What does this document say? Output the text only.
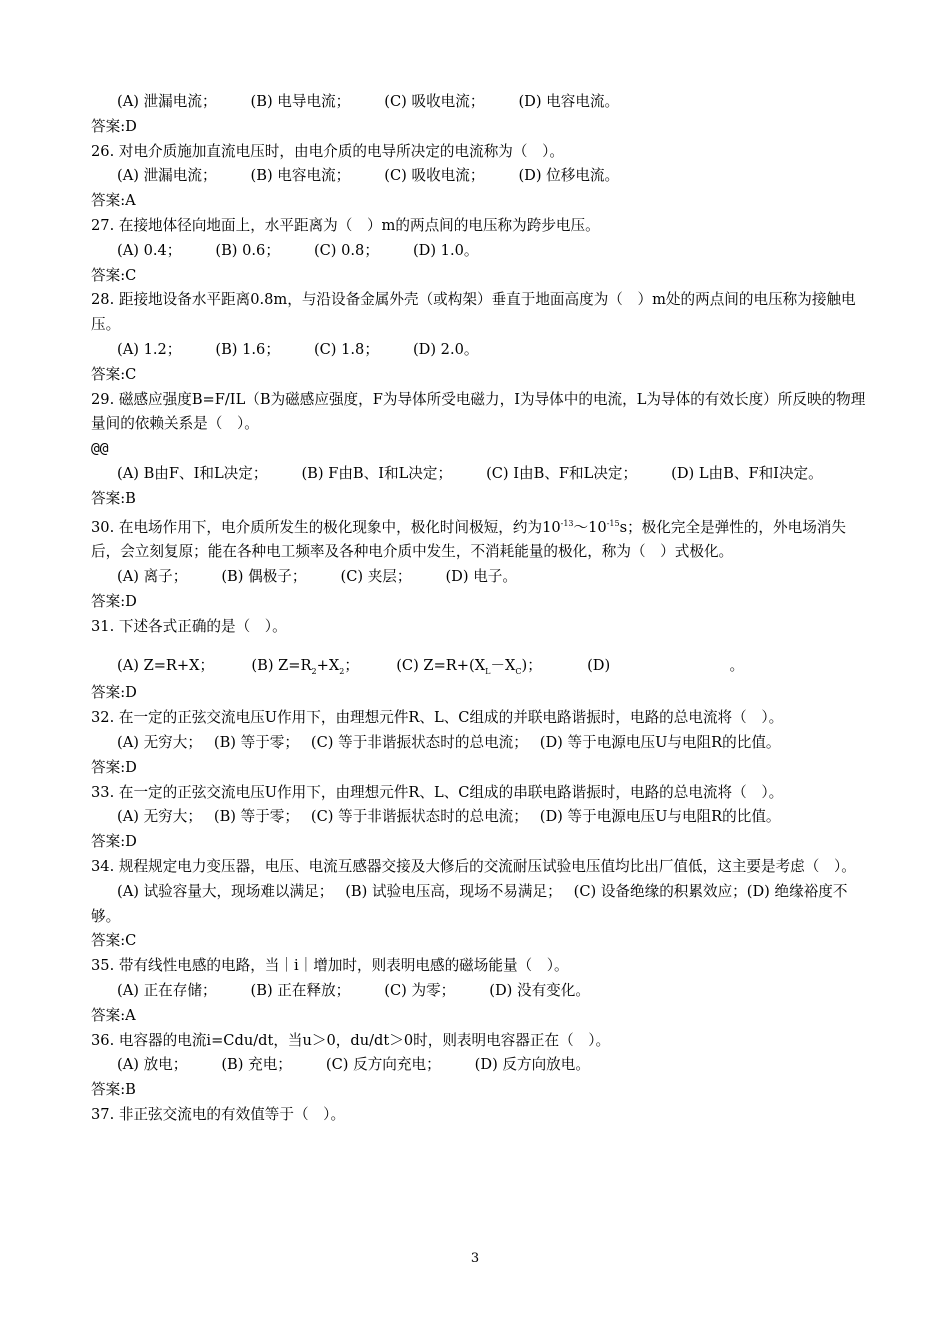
(A) 泄漏电流； (B) 电导电流； (C) 吸收电流； (D) 电容电流。
答案:D
26. 对电介质施加直流电压时，由电介质的电导所决定的电流称为（　）。
(A) 泄漏电流； (B) 电容电流； (C) 吸收电流； (D) 位移电流。
答案:A
27. 在接地体径向地面上，水平距离为（　）m的两点间的电压称为跨步电压。
(A) 0.4； (B) 0.6； (C) 0.8； (D) 1.0。
答案:C
28. 距接地设备水平距离0.8m，与沿设备金属外壳（或构架）垂直于地面高度为（　）m处的两点间的电压称为接触电压。
(A) 1.2； (B) 1.6； (C) 1.8； (D) 2.0。
答案:C
29. 磁感应强度B=F/IL（B为磁感应强度，F为导体所受电磁力，I为导体中的电流，L为导体的有效长度）所反映的物理量间的依赖关系是（　）。
@@
(A) B由F、I和L决定； (B) F由B、I和L决定； (C) I由B、F和L决定； (D) L由B、F和I决定。
答案:B
30. 在电场作用下，电介质所发生的极化现象中，极化时间极短，约为$10^{-13}\sim 10^{-15}s$；极化完全是弹性的，外电场消失后，会立刻复原；能在各种电工频率及各种电介质中发生，不消耗能量的极化，称为（　）式极化。
(A) 离子； (B) 偶极子； (C) 夹层； (D) 电子。
答案:D
31. 下述各式正确的是（　）。
(A) Z=R+X；	(B) $Z=R_2+X_2$；	(C) $Z=R+(X_L-X_C)$；	(D)	。
答案:D
32. 在一定的正弦交流电压U作用下，由理想元件R、L、C组成的并联电路谐振时，电路的总电流将（　）。
(A) 无穷大；　 (B) 等于零；　 (C) 等于非谐振状态时的总电流；　 (D) 等于电源电压U与电阻R的比值。
答案:D
33. 在一定的正弦交流电压U作用下，由理想元件R、L、C组成的串联电路谐振时，电路的总电流将（　）。
(A) 无穷大；　 (B) 等于零；　 (C) 等于非谐振状态时的总电流；　 (D) 等于电源电压U与电阻R的比值。
答案:D
34. 规程规定电力变压器，电压、电流互感器交接及大修后的交流耐压试验电压值均比出厂值低，这主要是考虑（　）。
(A) 试验容量大，现场难以满足；　 (B) 试验电压高，现场不易满足；　 (C) 设备绝缘的积累效应；(D) 绝缘裕度不够。
答案:C
35. 带有线性电感的电路，当｜i｜增加时，则表明电感的磁场能量（　）。
(A) 正在存储； (B) 正在释放； (C) 为零； (D) 没有变化。
答案:A
36. 电容器的电流i=Cdu/dt，当u＞0，du/dt＞0时，则表明电容器正在（　）。
(A) 放电； (B) 充电； (C) 反方向充电； (D) 反方向放电。
答案:B
37. 非正弦交流电的有效值等于（　）。
3
